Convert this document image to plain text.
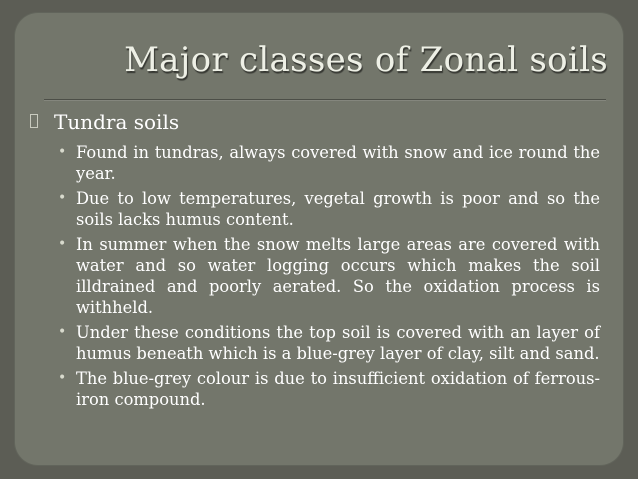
Major classes of Zonal soils
Tundra soils
• Found in tundras, always covered with snow and ice round the year.
• Due to low temperatures, vegetal growth is poor and so the soils lacks humus content.
• In summer when the snow melts large areas are covered with water and so water logging occurs which makes the soil illdrained and poorly aerated. So the oxidation process is withheld.
• Under these conditions the top soil is covered with an layer of humus beneath which is a blue-grey layer of clay, silt and sand.
• The blue-grey colour is due to insufficient oxidation of ferrous-iron compound.
